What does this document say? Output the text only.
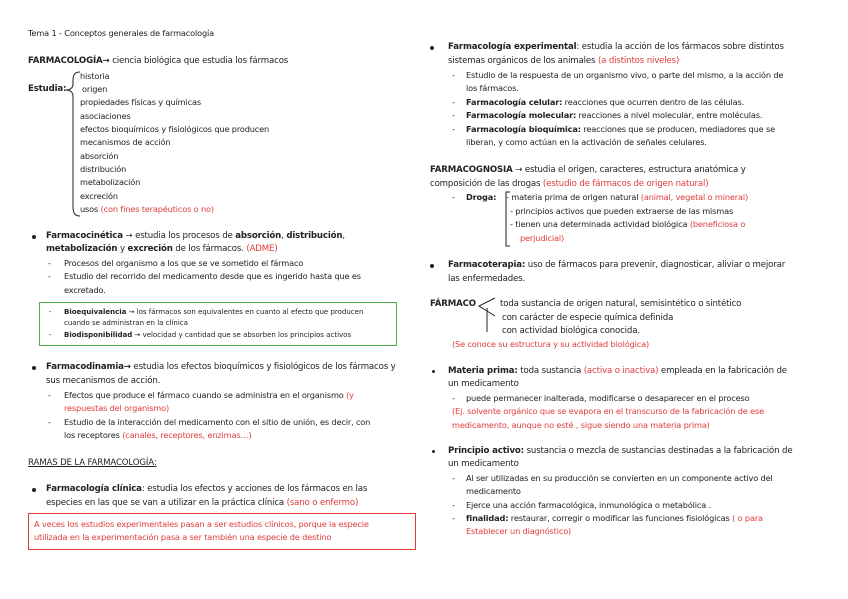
Tema 1 - Conceptos generales de farmacología
FARMACOLOGÍA→ ciencia biológica que estudia los fármacos
Estudia:
historia
origen
propiedades físicas y químicas
asociaciones
efectos bioquímicos y fisiológicos que producen
mecanismos de acción
absorción
distribución
metabolización
excreción
usos (con fines terapéuticos o no)
Farmacocinética → estudia los procesos de absorción, distribución,
metabolización y excreción de los fármacos. (ADME)
- Procesos del organismo a los que se ve sometido el fármaco
- Estudio del recorrido del medicamento desde que es ingerido hasta que es
excretado.
- Bioequivalencia → los fármacos son equivalentes en cuanto al efecto que producen
cuando se administran en la clínica
- Biodisponibilidad → velocidad y cantidad que se absorben los principios activos
Farmacodinamia→ estudia los efectos bioquímicos y fisiológicos de los fármacos y
sus mecanismos de acción.
- Efectos que produce el fármaco cuando se administra en el organismo (y
respuestas del organismo)
- Estudio de la interacción del medicamento con el sitio de unión, es decir, con
los receptores (canales, receptores, enzimas…)
RAMAS DE LA FARMACOLOGÍA:
Farmacología clínica: estudia los efectos y acciones de los fármacos en las
especies en las que se van a utilizar en la práctica clínica (sano o enfermo)
A veces los estudios experimentales pasan a ser estudios clínicos, porque la especie
utilizada en la experimentación pasa a ser también una especie de destino
Farmacología experimental: estudia la acción de los fármacos sobre distintos
sistemas orgánicos de los animales (a distintos niveles)
- Estudio de la respuesta de un organismo vivo, o parte del mismo, a la acción de
los fármacos.
- Farmacología celular: reacciones que ocurren dentro de las células.
- Farmacología molecular: reacciones a nivel molecular, entre moléculas.
- Farmacología bioquímica: reacciones que se producen, mediadores que se
liberan, y como actúan en la activación de señales celulares.
FARMACOGNOSIA → estudia el origen, caracteres, estructura anatómica y
composición de las drogas (estudio de fármacos de origen natural)
- Droga: - materia prima de origen natural (animal, vegetal o mineral)
- principios activos que pueden extraerse de las mismas
- tienen una determinada actividad biológica (beneficiosa o
perjudicial)
Farmacoterapia: uso de fármacos para prevenir, diagnosticar, aliviar o mejorar
las enfermedades.
FÁRMACO	toda sustancia de origen natural, semisintético o sintético
con carácter de especie química definida
con actividad biológica conocida.
(Se conoce su estructura y su actividad biológica)
Materia prima: toda sustancia (activa o inactiva) empleada en la fabricación de
un medicamento
- puede permanecer inalterada, modificarse o desaparecer en el proceso
(Ej. solvente orgánico que se evapora en el transcurso de la fabricación de ese
medicamento, aunque no esté , sigue siendo una materia prima)
Principio activo: sustancia o mezcla de sustancias destinadas a la fabricación de
un medicamento
- Al ser utilizadas en su producción se convierten en un componente activo del
medicamento
- Ejerce una acción farmacológica, inmunológica o metabólica .
- finalidad: restaurar, corregir o modificar las funciones fisiológicas ( o para
Establecer un diagnóstico)
